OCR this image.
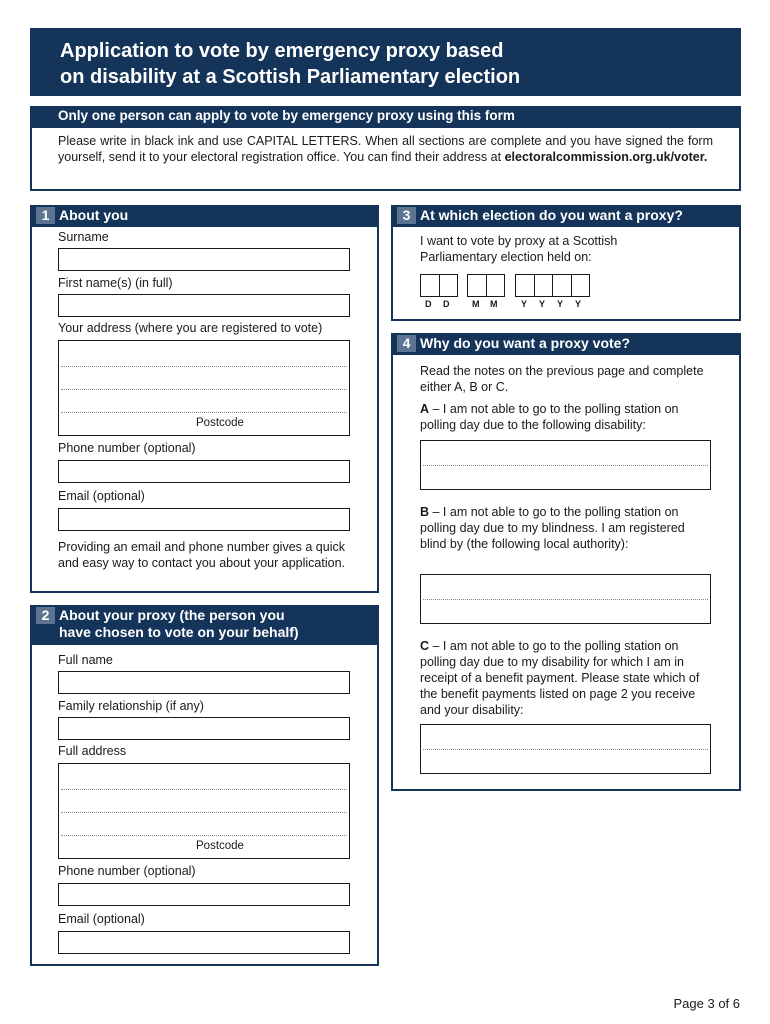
Application to vote by emergency proxy based
on disability at a Scottish Parliamentary election
Only one person can apply to vote by emergency proxy using this form
Please write in black ink and use CAPITAL LETTERS. When all sections are complete and you have signed the form yourself, send it to your electoral registration office. You can find their address at electoralcommission.org.uk/voter.
1 About you
Surname
First name(s) (in full)
Your address (where you are registered to vote)
Postcode
Phone number (optional)
Email (optional)
Providing an email and phone number gives a quick and easy way to contact you about your application.
2 About your proxy (the person you
have chosen to vote on your behalf)
Full name
Family relationship (if any)
Full address
Postcode
Phone number (optional)
Email (optional)
3 At which election do you want a proxy?
I want to vote by proxy at a Scottish Parliamentary election held on:
D D	M M	Y Y Y Y
4 Why do you want a proxy vote?
Read the notes on the previous page and complete either A, B or C.
A – I am not able to go to the polling station on polling day due to the following disability:
B – I am not able to go to the polling station on polling day due to my blindness. I am registered blind by (the following local authority):
C – I am not able to go to the polling station on polling day due to my disability for which I am in receipt of a benefit payment. Please state which of the benefit payments listed on page 2 you receive and your disability:
Page 3 of 6
